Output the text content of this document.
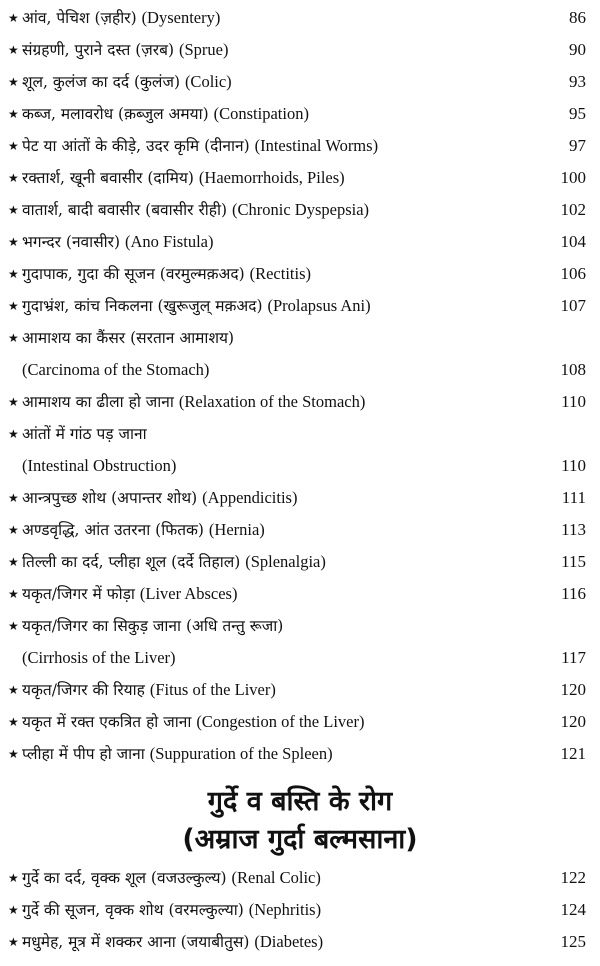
★ आंव, पेचिश (ज़हीर) (Dysentery)	86
★ संग्रहणी, पुराने दस्त (ज़रब) (Sprue)	90
★ शूल, कुलंज का दर्द (कुलंज) (Colic)	93
★ कब्ज, मलावरोध (क़ब्जुल अमया) (Constipation)	95
★ पेट या आंतों के कीड़े, उदर कृमि (दीनान) (Intestinal Worms)	97
★ रक्तार्श, खूनी बवासीर (दामिय) (Haemorrhoids, Piles)	100
★ वातार्श, बादी बवासीर (बवासीर रीही) (Chronic Dyspepsia)	102
★ भगन्दर (नवासीर) (Ano Fistula)	104
★ गुदापाक, गुदा की सूजन (वरमुल्मक़अद) (Rectitis)	106
★ गुदाभ्रंश, कांच निकलना (खुरूजुल् मक़अद) (Prolapsus Ani)	107
★ आमाशय का कैंसर (सरतान आमाशय)
(Carcinoma of the Stomach)	108
★ आमाशय का ढीला हो जाना (Relaxation of the Stomach)	110
★ आंतों में गांठ पड़ जाना
(Intestinal Obstruction)	110
★ आन्त्रपुच्छ शोथ (अपान्तर शोथ) (Appendicitis)	111
★ अण्डवृद्धि, आंत उतरना (फितक) (Hernia)	113
★ तिल्ली का दर्द, प्लीहा शूल (दर्दे तिहाल) (Splenalgia)	115
★ यकृत/जिगर में फोड़ा (Liver Absces)	116
★ यकृत/जिगर का सिकुड़ जाना (अधि तन्तु रूजा)
(Cirrhosis of the Liver)	117
★ यकृत/जिगर की रियाह (Fitus of the Liver)	120
★ यकृत में रक्त एकत्रित हो जाना (Congestion of the Liver)	120
★ प्लीहा में पीप हो जाना (Suppuration of the Spleen)	121
गुर्दे व बस्ति के रोग
(अम्राज गुर्दा बल्मसाना)
★ गुर्दे का दर्द, वृक्क शूल (वजउल्कुल्य) (Renal Colic)	122
★ गुर्दे की सूजन, वृक्क शोथ (वरमल्कुल्या) (Nephritis)	124
★ मधुमेह, मूत्र में शक्कर आना (जयाबीतुस) (Diabetes)	125
